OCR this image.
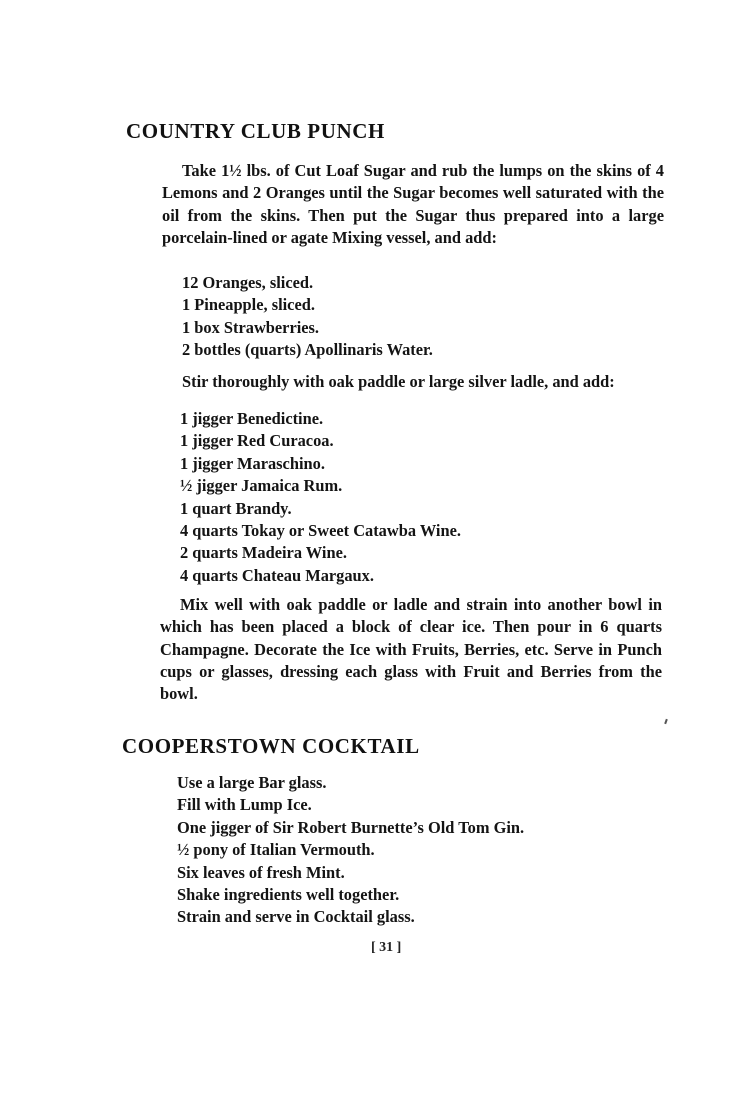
COUNTRY CLUB PUNCH

Take 1½ lbs. of Cut Loaf Sugar and rub the lumps on the skins of 4 Lemons and 2 Oranges until the Sugar becomes well saturated with the oil from the skins. Then put the Sugar thus prepared into a large porcelain-lined or agate Mixing vessel, and add:

12 Oranges, sliced.
1 Pineapple, sliced.
1 box Strawberries.
2 bottles (quarts) Apollinaris Water.

Stir thoroughly with oak paddle or large silver ladle, and add:

1 jigger Benedictine.
1 jigger Red Curacoa.
1 jigger Maraschino.
½ jigger Jamaica Rum.
1 quart Brandy.
4 quarts Tokay or Sweet Catawba Wine.
2 quarts Madeira Wine.
4 quarts Chateau Margaux.

Mix well with oak paddle or ladle and strain into another bowl in which has been placed a block of clear ice. Then pour in 6 quarts Champagne. Decorate the Ice with Fruits, Berries, etc. Serve in Punch cups or glasses, dressing each glass with Fruit and Berries from the bowl.

COOPERSTOWN COCKTAIL
Use a large Bar glass.
Fill with Lump Ice.
One jigger of Sir Robert Burnette’s Old Tom Gin.
½ pony of Italian Vermouth.
Six leaves of fresh Mint.
Shake ingredients well together.
Strain and serve in Cocktail glass.
[ 31 ]
